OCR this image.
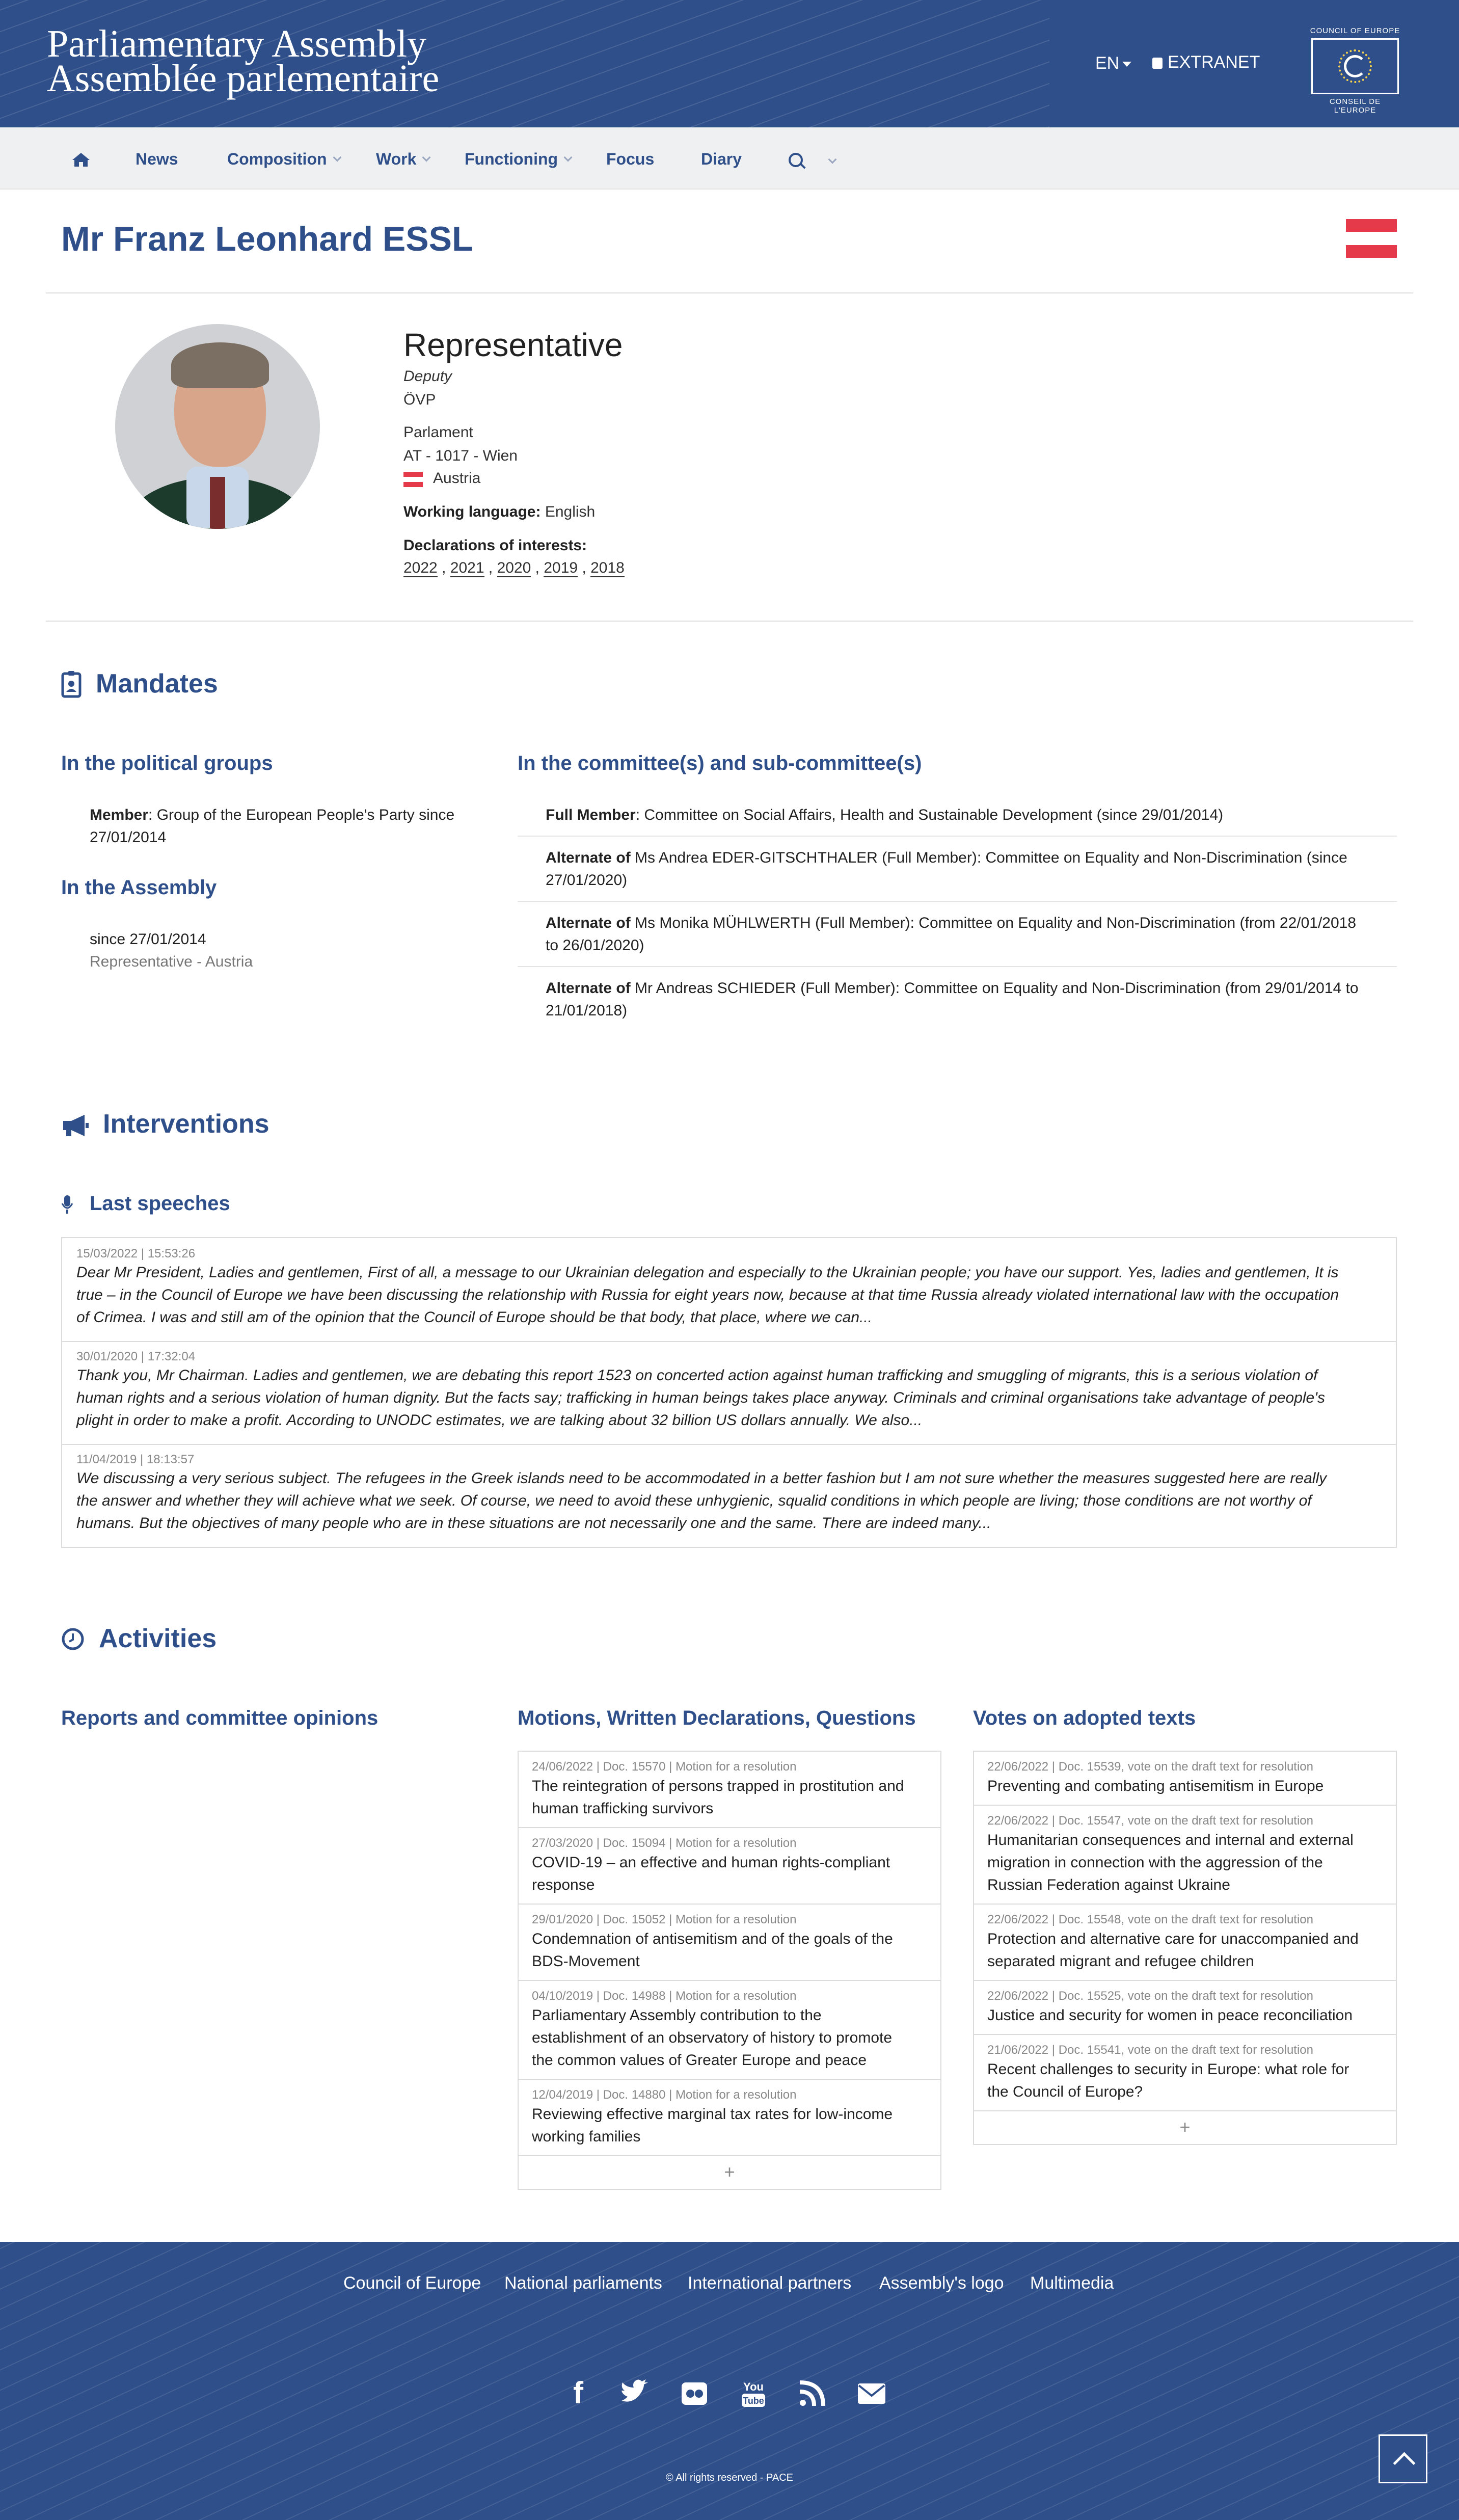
Parliamentary Assembly
Assemblée parlementaire	EN	EXTRANET
COUNCIL OF EUROPE
CONSEIL DE L'EUROPE
News	Composition	Work	Functioning	Focus	Diary
Mr Franz Leonhard ESSL
Representative
Deputy
ÖVP
Parlament
AT - 1017 - Wien
Austria
Working language: English
Declarations of interests:
2022 , 2021 , 2020 , 2019 , 2018
Mandates
In the political groups
Member: Group of the European People's Party since
27/01/2014
In the Assembly
since 27/01/2014
Representative - Austria
In the committee(s) and sub-committee(s)
Full Member: Committee on Social Affairs, Health and Sustainable Development (since 29/01/2014)
Alternate of Ms Andrea EDER-GITSCHTHALER (Full Member): Committee on Equality and Non-Discrimination (since
27/01/2020)
Alternate of Ms Monika MÜHLWERTH (Full Member): Committee on Equality and Non-Discrimination (from 22/01/2018
to 26/01/2020)
Alternate of Mr Andreas SCHIEDER (Full Member): Committee on Equality and Non-Discrimination (from 29/01/2014 to
21/01/2018)
Interventions
Last speeches
15/03/2022 | 15:53:26
Dear Mr President, Ladies and gentlemen, First of all, a message to our Ukrainian delegation and especially to the Ukrainian people; you have our support. Yes, ladies and gentlemen, It is
true – in the Council of Europe we have been discussing the relationship with Russia for eight years now, because at that time Russia already violated international law with the occupation
of Crimea. I was and still am of the opinion that the Council of Europe should be that body, that place, where we can...
30/01/2020 | 17:32:04
Thank you, Mr Chairman. Ladies and gentlemen, we are debating this report 1523 on concerted action against human trafficking and smuggling of migrants, this is a serious violation of
human rights and a serious violation of human dignity. But the facts say; trafficking in human beings takes place anyway. Criminals and criminal organisations take advantage of people's
plight in order to make a profit. According to UNODC estimates, we are talking about 32 billion US dollars annually. We also...
11/04/2019 | 18:13:57
We discussing a very serious subject. The refugees in the Greek islands need to be accommodated in a better fashion but I am not sure whether the measures suggested here are really
the answer and whether they will achieve what we seek. Of course, we need to avoid these unhygienic, squalid conditions in which people are living; those conditions are not worthy of
humans. But the objectives of many people who are in these situations are not necessarily one and the same. There are indeed many...
Activities
Reports and committee opinions	Motions, Written Declarations, Questions	Votes on adopted texts
24/06/2022 | Doc. 15570 | Motion for a resolution
The reintegration of persons trapped in prostitution and
human trafficking survivors
27/03/2020 | Doc. 15094 | Motion for a resolution
COVID-19 – an effective and human rights-compliant
response
29/01/2020 | Doc. 15052 | Motion for a resolution
Condemnation of antisemitism and of the goals of the
BDS-Movement
04/10/2019 | Doc. 14988 | Motion for a resolution
Parliamentary Assembly contribution to the
establishment of an observatory of history to promote
the common values of Greater Europe and peace
12/04/2019 | Doc. 14880 | Motion for a resolution
Reviewing effective marginal tax rates for low-income
working families
+
22/06/2022 | Doc. 15539, vote on the draft text for resolution
Preventing and combating antisemitism in Europe
22/06/2022 | Doc. 15547, vote on the draft text for resolution
Humanitarian consequences and internal and external
migration in connection with the aggression of the
Russian Federation against Ukraine
22/06/2022 | Doc. 15548, vote on the draft text for resolution
Protection and alternative care for unaccompanied and
separated migrant and refugee children
22/06/2022 | Doc. 15525, vote on the draft text for resolution
Justice and security for women in peace reconciliation
21/06/2022 | Doc. 15541, vote on the draft text for resolution
Recent challenges to security in Europe: what role for
the Council of Europe?
+
Council of Europe National parliaments International partners Assembly's logo Multimedia
f	You
Tube
© All rights reserved - PACE
